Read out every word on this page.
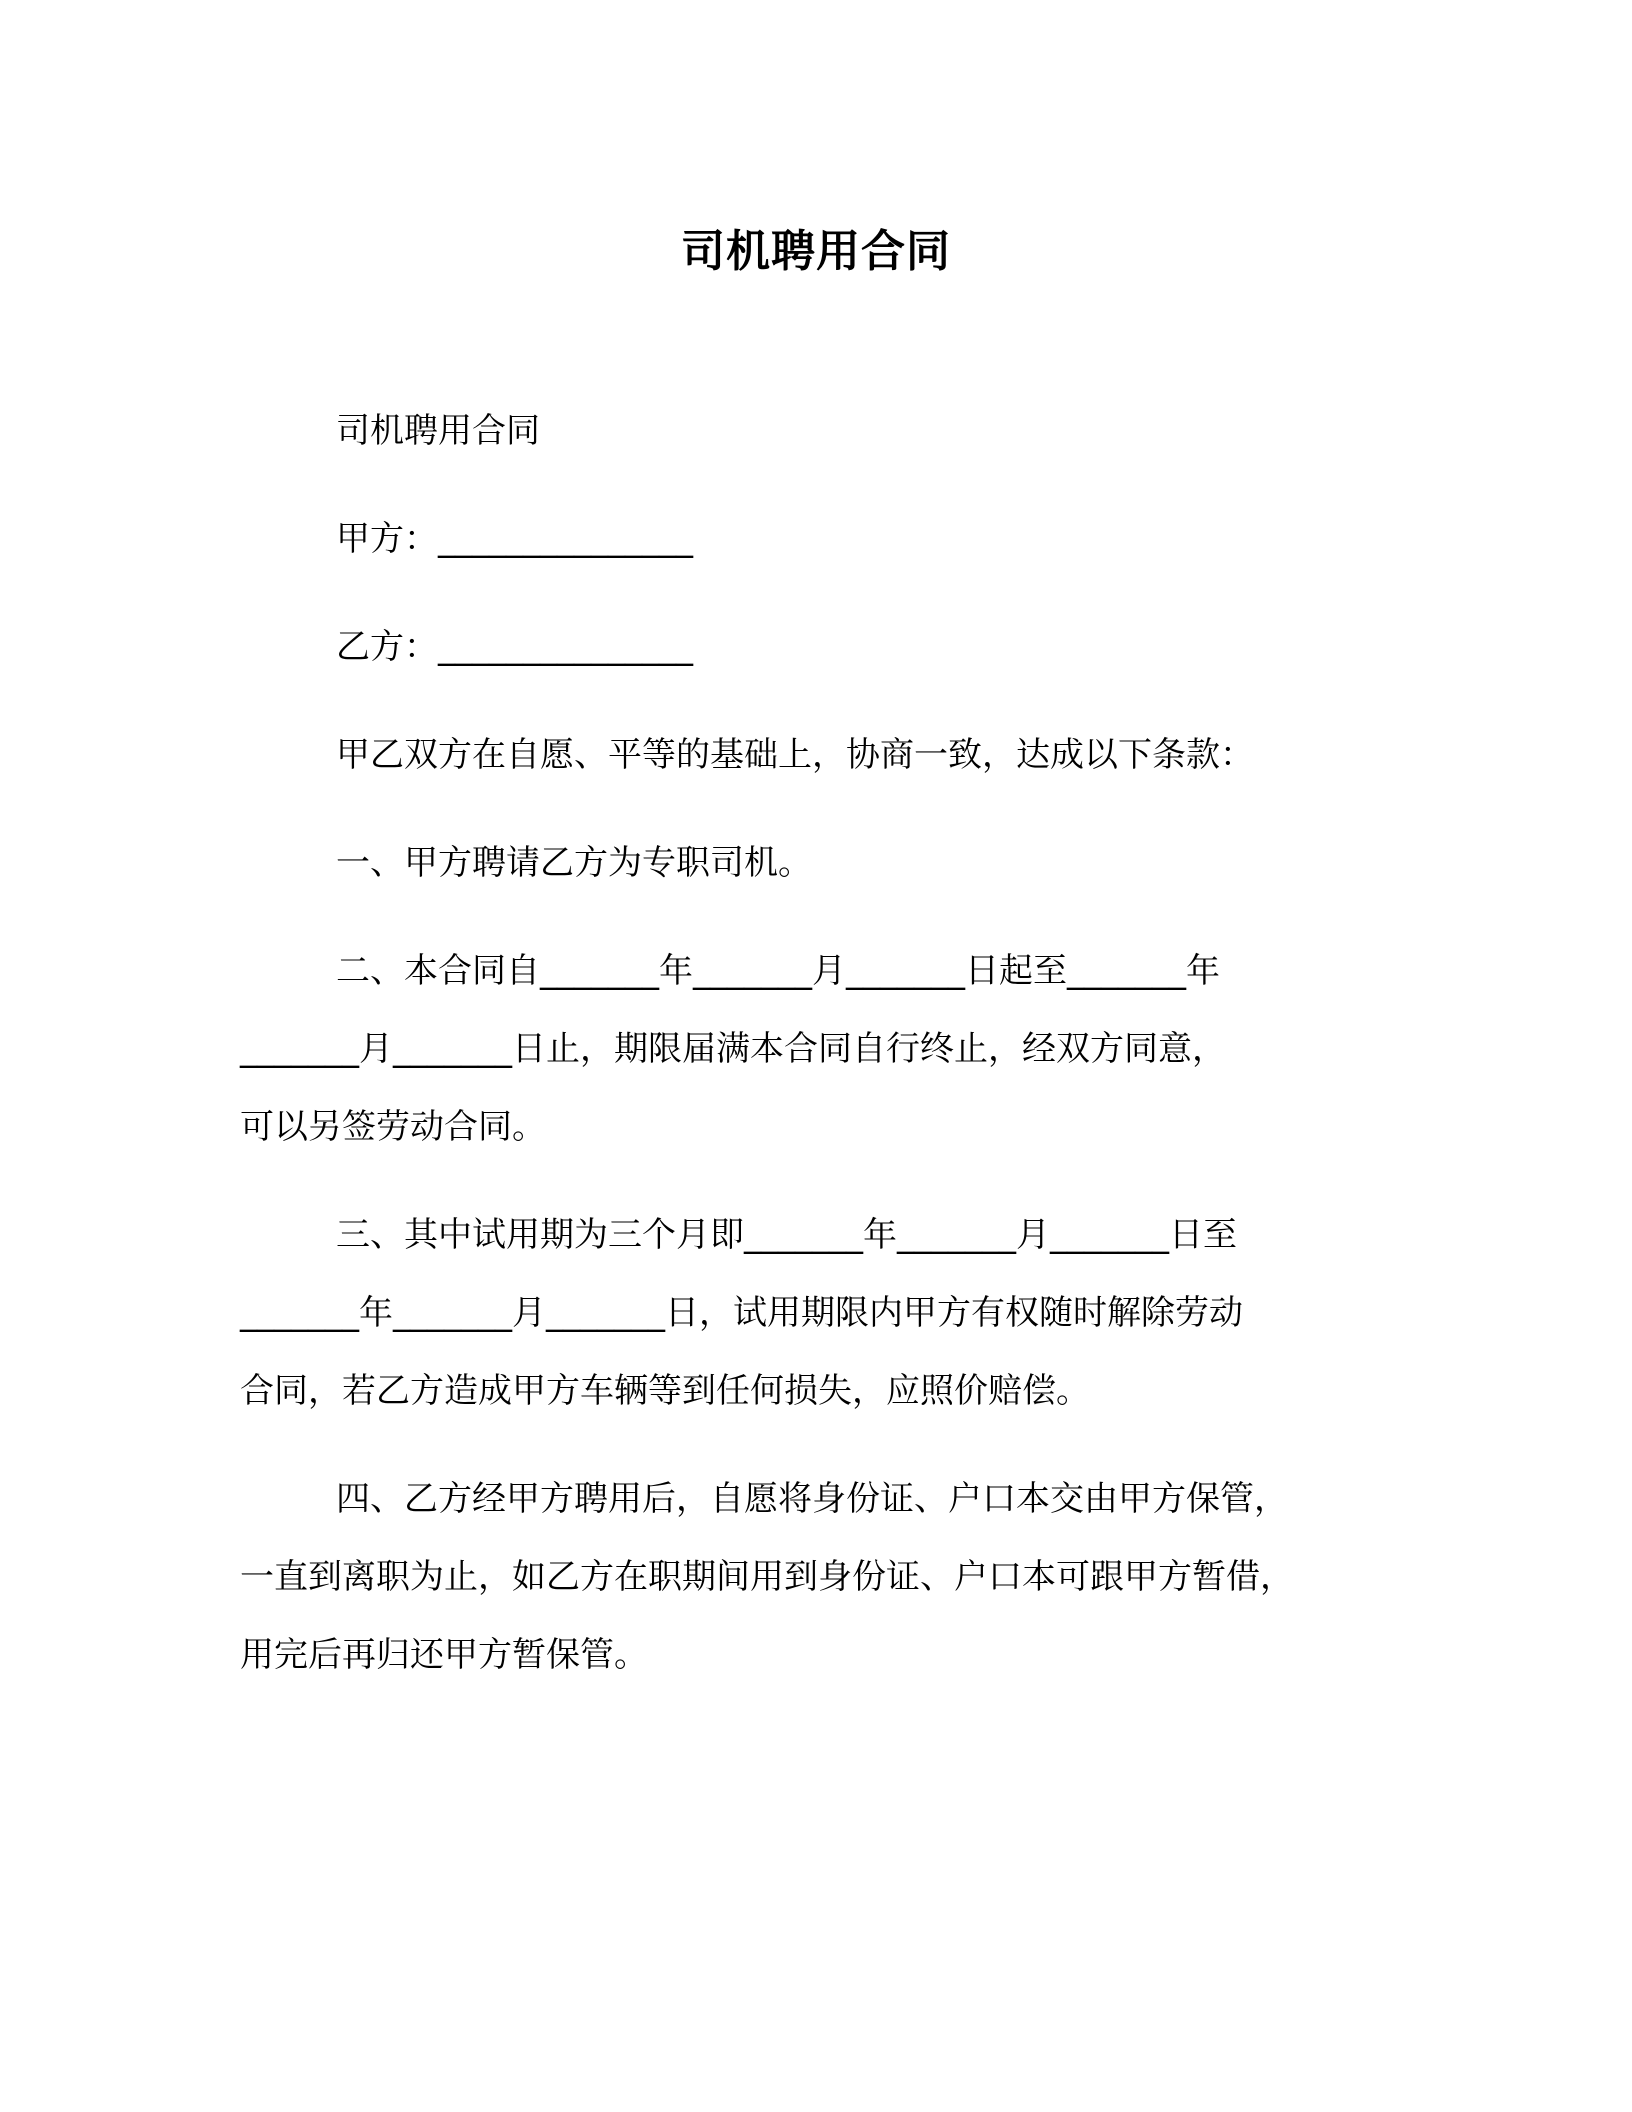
司机聘用合同
司机聘用合同
甲方：_______________
乙方：_______________
甲乙双方在自愿、平等的基础上，协商一致，达成以下条款：
一、甲方聘请乙方为专职司机。
二、本合同自_______年_______月_______日起至_______年
_______月_______日止，期限届满本合同自行终止，经双方同意，
可以另签劳动合同。
三、其中试用期为三个月即_______年_______月_______日至
_______年_______月_______日，试用期限内甲方有权随时解除劳动
合同，若乙方造成甲方车辆等到任何损失，应照价赔偿。
四、乙方经甲方聘用后，自愿将身份证、户口本交由甲方保管，
一直到离职为止，如乙方在职期间用到身份证、户口本可跟甲方暂借，
用完后再归还甲方暂保管。
